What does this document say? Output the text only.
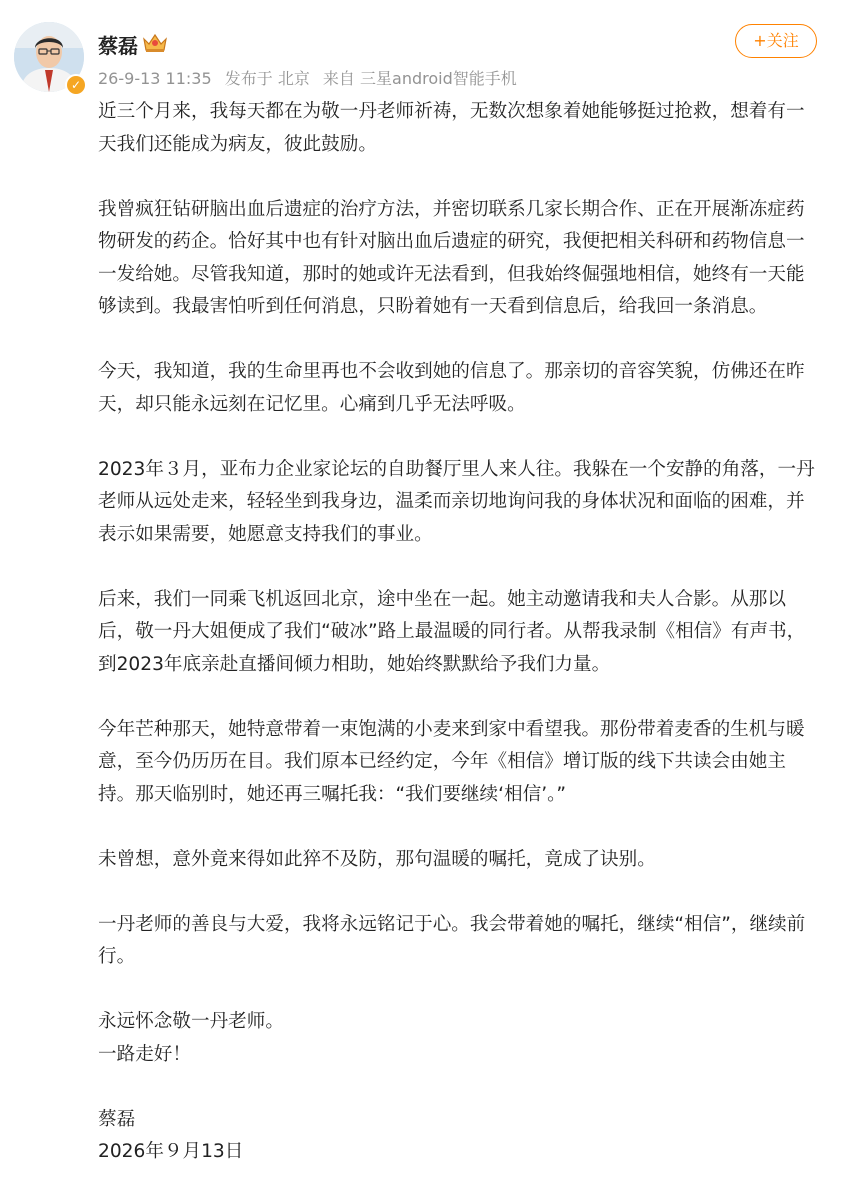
✓
蔡磊
26-9-13 11:35 发布于 北京 来自 三星android智能手机
+关注

近三个月来，我每天都在为敬一丹老师祈祷，无数次想象着她能够挺过抢救，想着有一天我们还能成为病友，彼此鼓励。

我曾疯狂钻研脑出血后遗症的治疗方法，并密切联系几家长期合作、正在开展渐冻症药物研发的药企。恰好其中也有针对脑出血后遗症的研究，我便把相关科研和药物信息一一发给她。尽管我知道，那时的她或许无法看到，但我始终倔强地相信，她终有一天能够读到。我最害怕听到任何消息，只盼着她有一天看到信息后，给我回一条消息。

今天，我知道，我的生命里再也不会收到她的信息了。那亲切的音容笑貌，仿佛还在昨天，却只能永远刻在记忆里。心痛到几乎无法呼吸。

2023年３月，亚布力企业家论坛的自助餐厅里人来人往。我躲在一个安静的角落，一丹老师从远处走来，轻轻坐到我身边，温柔而亲切地询问我的身体状况和面临的困难，并表示如果需要，她愿意支持我们的事业。

后来，我们一同乘飞机返回北京，途中坐在一起。她主动邀请我和夫人合影。从那以后，敬一丹大姐便成了我们“破冰”路上最温暖的同行者。从帮我录制《相信》有声书，到2023年底亲赴直播间倾力相助，她始终默默给予我们力量。

今年芒种那天，她特意带着一束饱满的小麦来到家中看望我。那份带着麦香的生机与暖意，至今仍历历在目。我们原本已经约定，今年《相信》增订版的线下共读会由她主持。那天临别时，她还再三嘱托我：“我们要继续‘相信’。”

未曾想，意外竟来得如此猝不及防，那句温暖的嘱托，竟成了诀别。

一丹老师的善良与大爱，我将永远铭记于心。我会带着她的嘱托，继续“相信”，继续前行。

永远怀念敬一丹老师。

一路走好！

蔡磊

2026年９月13日
